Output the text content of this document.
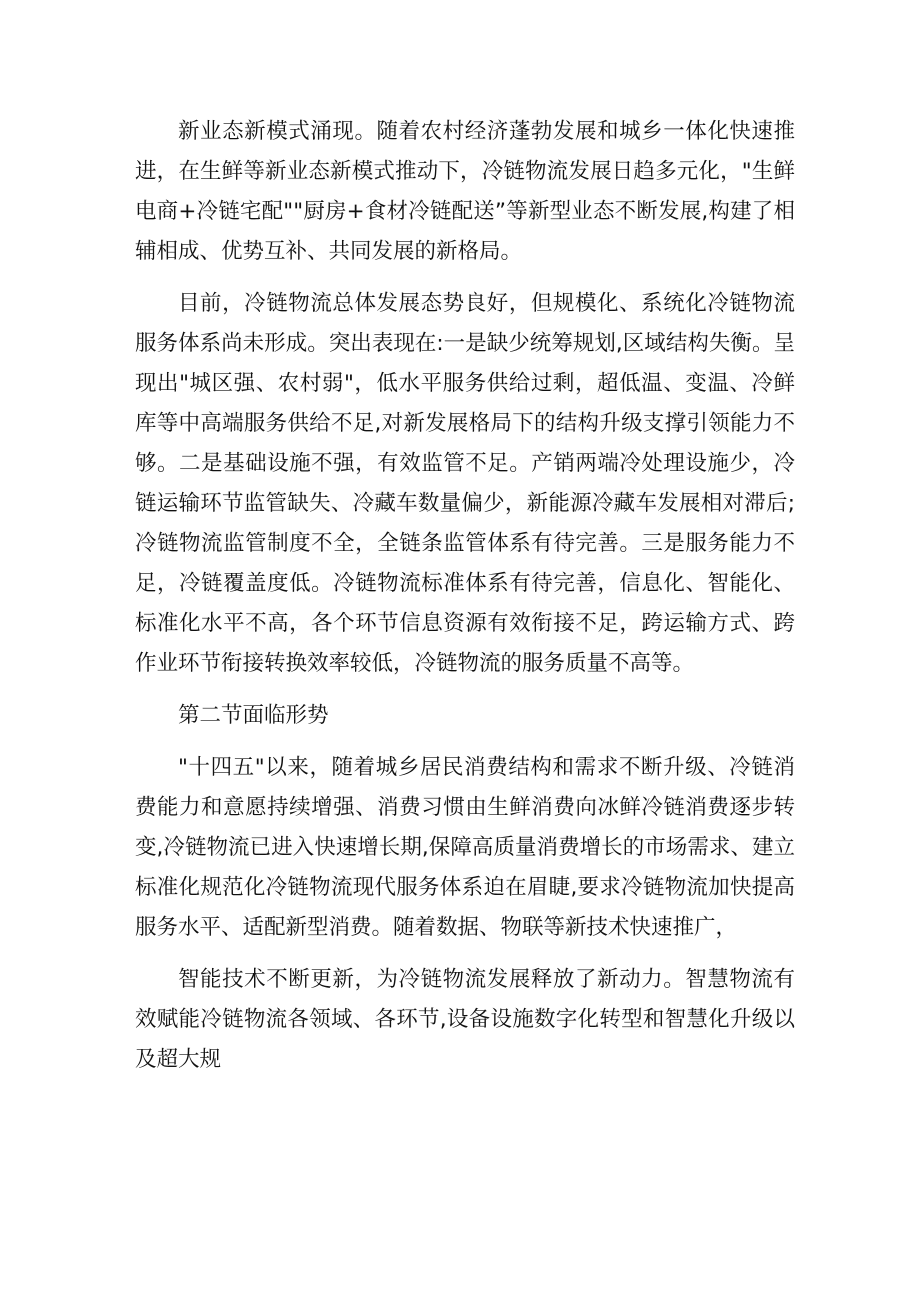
新业态新模式涌现。随着农村经济蓬勃发展和城乡一体化快速推进，在生鲜等新业态新模式推动下，冷链物流发展日趋多元化，"生鲜电商+冷链宅配""厨房+食材冷链配送”等新型业态不断发展,构建了相辅相成、优势互补、共同发展的新格局。

目前，冷链物流总体发展态势良好，但规模化、系统化冷链物流服务体系尚未形成。突出表现在:一是缺少统筹规划,区域结构失衡。呈现出"城区强、农村弱"，低水平服务供给过剩，超低温、变温、冷鲜库等中高端服务供给不足,对新发展格局下的结构升级支撑引领能力不够。二是基础设施不强，有效监管不足。产销两端冷处理设施少，冷链运输环节监管缺失、冷藏车数量偏少，新能源冷藏车发展相对滞后;冷链物流监管制度不全，全链条监管体系有待完善。三是服务能力不足，冷链覆盖度低。冷链物流标准体系有待完善，信息化、智能化、标准化水平不高，各个环节信息资源有效衔接不足，跨运输方式、跨作业环节衔接转换效率较低，冷链物流的服务质量不高等。

第二节面临形势

"十四五"以来，随着城乡居民消费结构和需求不断升级、冷链消费能力和意愿持续增强、消费习惯由生鲜消费向冰鲜冷链消费逐步转变,冷链物流已进入快速增长期,保障高质量消费增长的市场需求、建立标准化规范化冷链物流现代服务体系迫在眉睫,要求冷链物流加快提高服务水平、适配新型消费。随着数据、物联等新技术快速推广，

智能技术不断更新，为冷链物流发展释放了新动力。智慧物流有效赋能冷链物流各领域、各环节,设备设施数字化转型和智慧化升级以及超大规
